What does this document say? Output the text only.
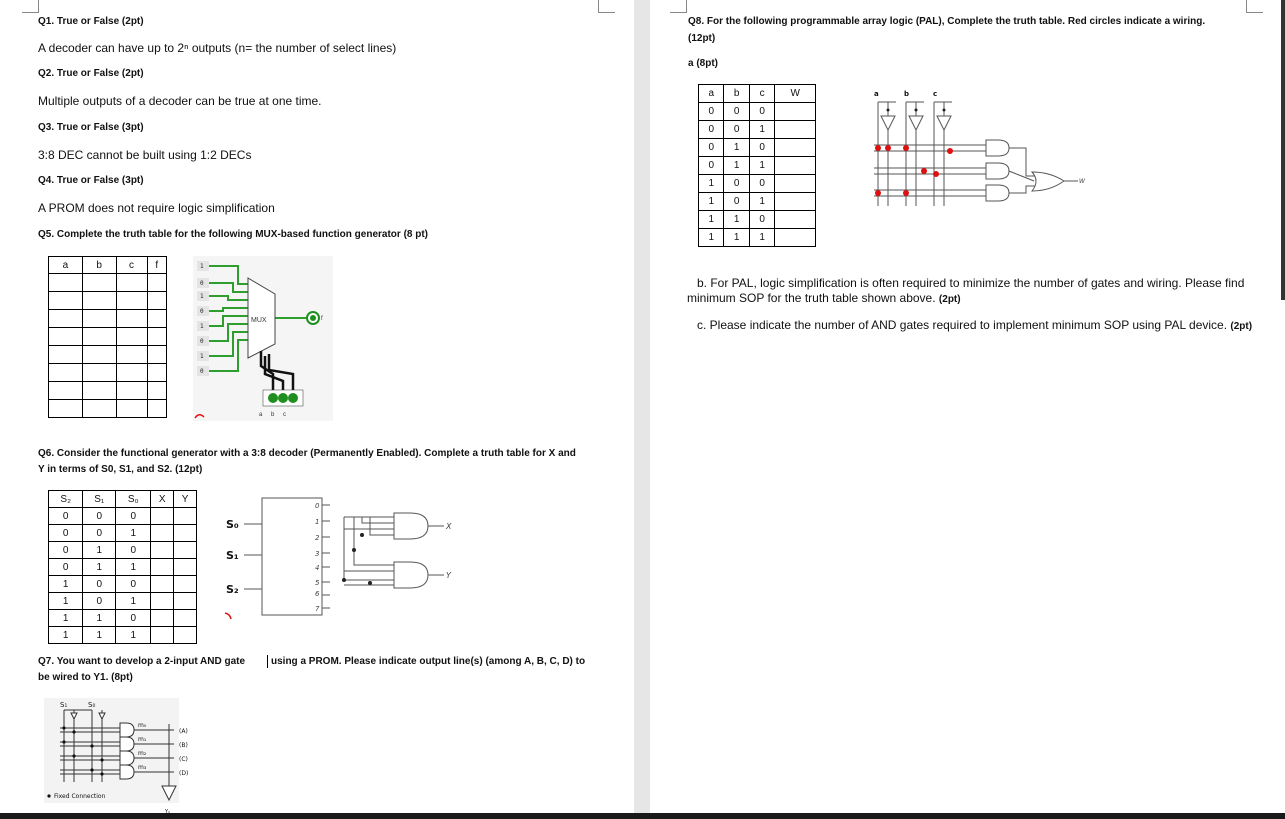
Q1. True or False (2pt)
A decoder can have up to 2ⁿ outputs (n= the number of select lines)
Q2. True or False (2pt)
Multiple outputs of a decoder can be true at one time.
Q3. True or False (3pt)
3:8 DEC cannot be built using 1:2 DECs
Q4. True or False (3pt)
A PROM does not require logic simplification
Q5. Complete the truth table for the following MUX-based function generator (8 pt)
a	b	c	f

				1
0
1
0
1
0
1
0
MUX	f
a b c
Q6. Consider the functional generator with a 3:8 decoder (Permanently Enabled). Complete a truth table for X and
Y in terms of S0, S1, and S2. (12pt)
S₂	S₁	S₀	X	Y
0	0	0		
0	0	1		
0	1	0		
0	1	1		
1	0	0		
1	0	1		
1	1	0		
1	1	1		
S₀
S₁
S₂
0
1
2
3
4
5
6
7
X
Y
Q7. You want to develop a 2-input AND gate	using a PROM. Please indicate output line(s) (among A, B, C, D) to
be wired to Y1. (8pt)
S₁	S₀
m₀
m₁
m₂
m₃
(A)
(B)
(C)
(D)
Fixed Connection
Y₁
Q8. For the following programmable array logic (PAL), Complete the truth table. Red circles indicate a wiring.
(12pt)
a (8pt)
a	b	c	W
0	0	0	
0	0	1	
0	1	0	
0	1	1	
1	0	0	
1	0	1	
1	1	0	
1	1	1	
a	b	c
W
b. For PAL, logic simplification is often required to minimize the number of gates and wiring. Please find
minimum SOP for the truth table shown above. (2pt)
c. Please indicate the number of AND gates required to implement minimum SOP using PAL device. (2pt)
